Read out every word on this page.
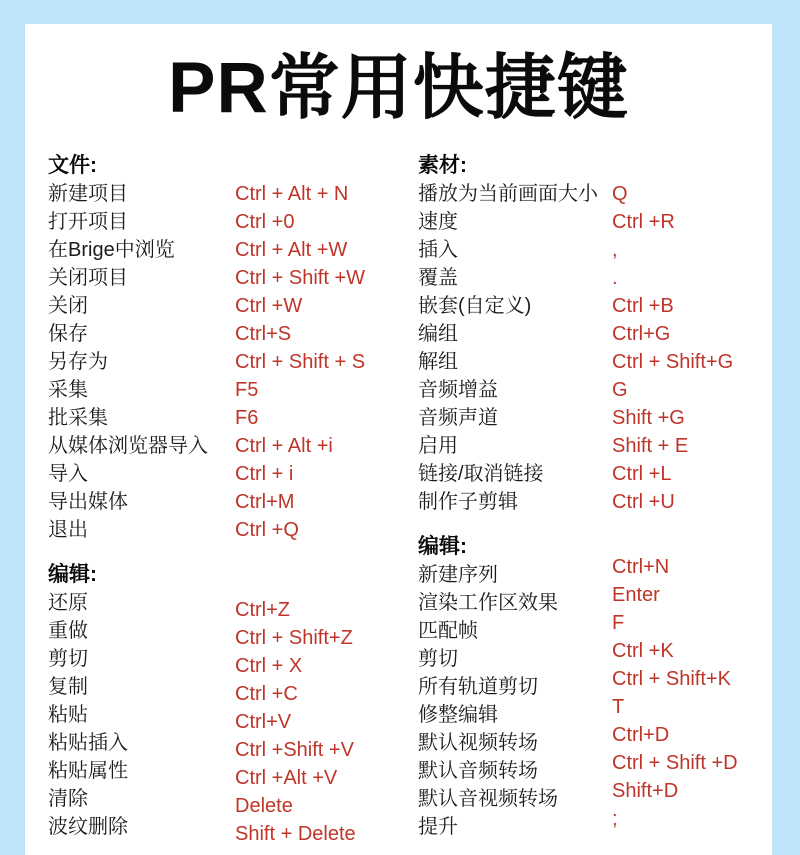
PR常用快捷键
文件:
新建项目	Ctrl + Alt + N
打开项目	Ctrl +0
在Brige中浏览	Ctrl + Alt +W
关闭项目	Ctrl + Shift +W
关闭	Ctrl +W
保存	Ctrl+S
另存为	Ctrl + Shift + S
采集	F5
批采集	F6
从媒体浏览器导入	Ctrl + Alt +i
导入	Ctrl + i
导出媒体	Ctrl+M
退出	Ctrl +Q
编辑:
还原	Ctrl+Z
重做	Ctrl + Shift+Z
剪切	Ctrl + X
复制	Ctrl +C
粘贴	Ctrl+V
粘贴插入	Ctrl +Shift +V
粘贴属性	Ctrl +Alt +V
清除	Delete
波纹删除	Shift + Delete
素材:
播放为当前画面大小 Q
速度	Ctrl +R
插入	,
覆盖	.
嵌套(自定义)	Ctrl +B
编组	Ctrl+G
解组	Ctrl + Shift+G
音频增益	G
音频声道	Shift +G
启用	Shift + E
链接/取消链接	Ctrl +L
制作子剪辑	Ctrl +U
编辑:
新建序列	Ctrl+N
渲染工作区效果	Enter
匹配帧	F
剪切	Ctrl +K
所有轨道剪切	Ctrl + Shift+K
修整编辑	T
默认视频转场	Ctrl+D
默认音频转场	Ctrl + Shift +D
默认音视频转场	Shift+D
提升	;
